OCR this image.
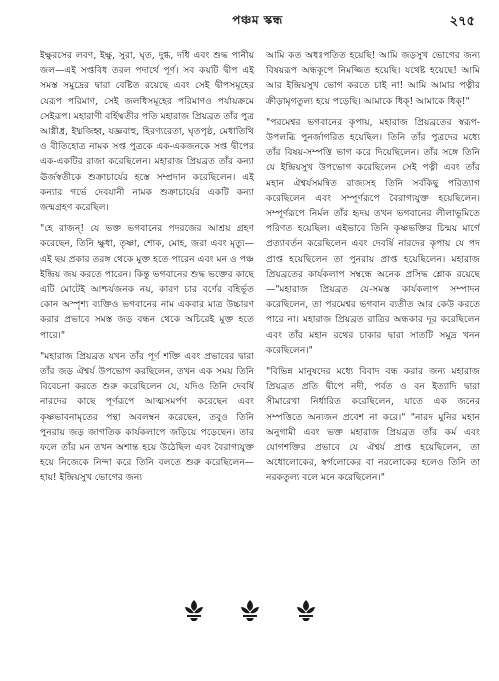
পঞ্চম স্কন্ধ	২৭৫

ইক্ষুরসের লবণ, ইক্ষু, সুরা, ঘৃত, দুগ্ধ, দধি এবং শুদ্ধ পানীয় জল—এই সপ্তবিধ তরল পদার্থে পূর্ণ। সব কয়টি দ্বীপ এই সমস্ত সমুদ্রের দ্বারা বেষ্টিত রয়েছে এবং সেই দ্বীপসমূহের যেরূপ পরিমাণ, সেই জলধিসমূহের পরিমাণও পর্যায়ক্রমে সেইরূপ। মহারাণী বর্হিষ্মতীর পতি মহারাজ প্রিয়ব্রত তাঁর পুত্র আগ্নীধ্র, ইধ্মজিহ্ব, যজ্ঞবাহু, হিরণ্যরেতা, ঘৃতপৃষ্ঠ, মেধাতিথি ও বীতিহোত্র নামক সপ্ত পুত্রকে এক-একজনকে সপ্ত দ্বীপের এক-একটির রাজা করেছিলেন। মহারাজ প্রিয়ব্রত তাঁর কন্যা ঊর্জস্বতীকে শুক্রাচার্যের হস্তে সম্প্রদান করেছিলেন। এই কন্যার গর্ভে দেবযানী নামক শুক্রাচার্যের একটি কন্যা জন্মগ্রহণ করেছিল।

"হে রাজন্! যে ভক্ত ভগবানের পদরজের আশ্রয় গ্রহণ করেছেন, তিনি ক্ষুধা, তৃষ্ণা, শোক, মোহ, জরা এবং মৃত্যু—এই ছয় প্রকার তরঙ্গ থেকে মুক্ত হতে পারেন এবং মন ও পঞ্চ ইন্দ্রিয় জয় করতে পারেন। কিন্তু ভগবানের শুদ্ধ ভক্তের কাছে এটি মোটেই আশ্চর্যজনক নয়, কারণ চার বর্ণের বহির্ভূত কোন অস্পৃশ্য ব্যক্তিও ভগবানের নাম একবার মাত্র উচ্চারণ করার প্রভাবে সমস্ত জড় বন্ধন থেকে অচিরেই মুক্ত হতে পারে।"

"মহারাজ প্রিয়ব্রত যখন তাঁর পূর্ণ শক্তি এবং প্রভাবের দ্বারা তাঁর জড় ঐশ্বর্য উপভোগ করছিলেন, তখন এক সময় তিনি বিবেচনা করতে শুরু করেছিলেন যে, যদিও তিনি দেবর্ষি নারদের কাছে পূর্ণরূপে আত্মসমর্পণ করেছেন এবং কৃষ্ণভাবনামৃতের পন্থা অবলম্বন করেছেন, তবুও তিনি পুনরায় জড় জাগতিক কার্যকলাপে জড়িয়ে পড়েছেন। তার ফলে তাঁর মন তখন অশান্ত হয়ে উঠেছিল এবং বৈরাগ্যযুক্ত হয়ে নিজেকে নিন্দা করে তিনি বলতে শুরু করেছিলেন—হায়! ইন্দ্রিয়সুখ ভোগের জন্য

আমি কত অধঃপতিত হয়েছি! আমি জড়সুখ ভোগের জন্য বিষয়রূপ অন্ধকূপে নিমজ্জিত হয়েছি। যথেষ্ট হয়েছে! আমি আর ইন্দ্রিয়সুখ ভোগ করতে চাই না! আমি আমার পত্নীর ক্রীড়ামৃগতুল্য হয়ে পড়েছি। আমাকে ধিক্! আমাকে ধিক্!"

"পরমেশ্বর ভগবানের কৃপায়, মহারাজ প্রিয়ব্রতের স্বরূপ-উপলব্ধি পুনর্জাগরিত হয়েছিল। তিনি তাঁর পুত্রদের মধ্যে তাঁর বিষয়-সম্পত্তি ভাগ করে দিয়েছিলেন। তাঁর সঙ্গে তিনি যে ইন্দ্রিয়সুখ উপভোগ করেছিলেন সেই পত্নী এবং তাঁর মহান ঐশ্বর্যসমন্বিত রাজ্যসহ তিনি সর্বকিছু পরিত্যাগ করেছিলেন এবং সম্পূর্ণরূপে বৈরাগ্যযুক্ত হয়েছিলেন। সম্পূর্ণরূপে নির্মল তাঁর হৃদয় তখন ভগবানের লীলাভূমিতে পরিণত হয়েছিল। এইভাবে তিনি কৃষ্ণভক্তির চিন্ময় মার্গে প্রত্যাবর্তন করেছিলেন এবং দেবর্ষি নারদের কৃপায় যে পদ প্রাপ্ত হয়েছিলেন তা পুনরায় প্রাপ্ত হয়েছিলেন। মহারাজ প্রিয়ব্রতের কার্যকলাপ সম্বন্ধে অনেক প্রসিদ্ধ শ্লোক রয়েছে—"মহারাজ প্রিয়ব্রত যে-সমস্ত কার্যকলাপ সম্পাদন করেছিলেন, তা পরমেশ্বর ভগবান ব্যতীত আর কেউ করতে পারে না। মহারাজ প্রিয়ব্রত রাত্রির অন্ধকার দূর করেছিলেন এবং তাঁর মহান রথের চাকার দ্বারা সাতটি সমুদ্র খনন করেছিলেন।"

"বিভিন্ন মানুষদের মধ্যে বিবাদ বন্ধ করার জন্য মহারাজ প্রিয়ব্রত প্রতি দ্বীপে নদী, পর্বত ও বন ইত্যাদি দ্বারা সীমারেখা নির্ধারিত করেছিলেন, যাতে এক জনের সম্পত্তিতে অন্যজন প্রবেশ না করে।" "নারদ মুনির মহান অনুগামী এবং ভক্ত মহারাজ প্রিয়ব্রত তাঁর কর্ম এবং যোগশক্তির প্রভাবে যে ঐশ্বর্য প্রাপ্ত হয়েছিলেন, তা অধোলোকের, স্বর্গলোকের বা নরলোকের হলেও তিনি তা নরকতুল্য বলে মনে করেছিলেন।"
